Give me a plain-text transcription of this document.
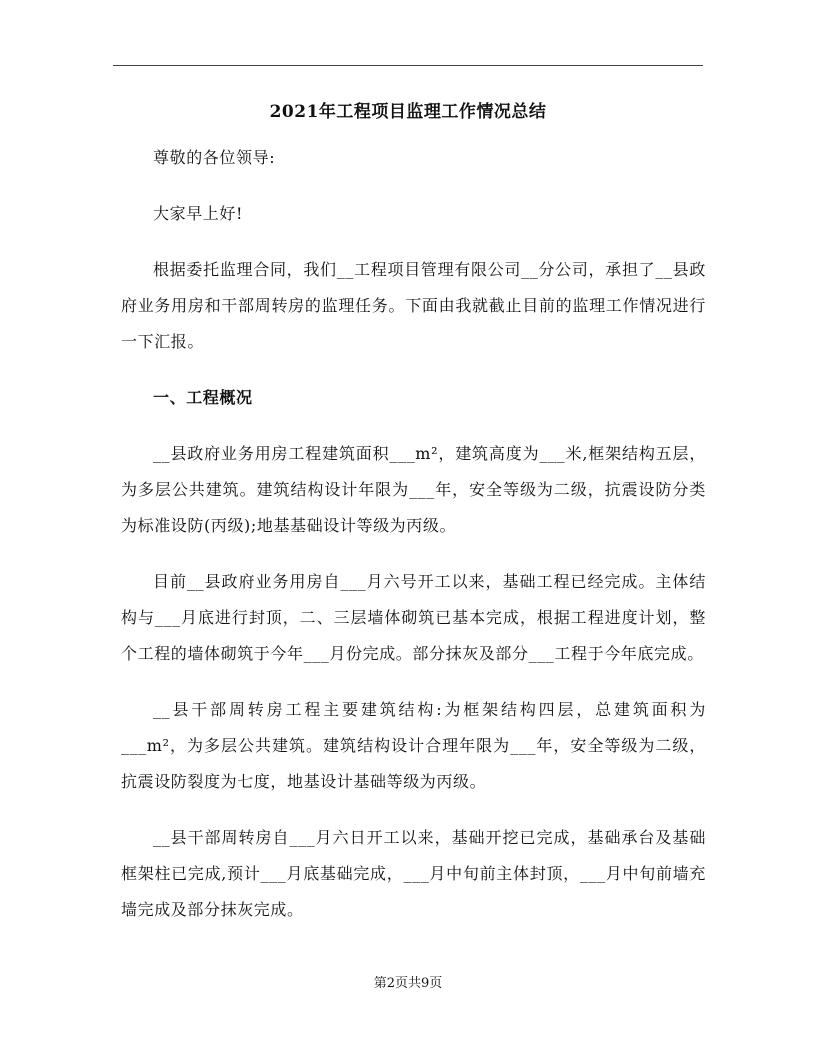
2021年工程项目监理工作情况总结

尊敬的各位领导:

大家早上好!

根据委托监理合同，我们__工程项目管理有限公司__分公司，承担了__县政府业务用房和干部周转房的监理任务。下面由我就截止目前的监理工作情况进行一下汇报。

一、工程概况

__县政府业务用房工程建筑面积___m²，建筑高度为___米,框架结构五层，为多层公共建筑。建筑结构设计年限为___年，安全等级为二级，抗震设防分类为标准设防(丙级);地基基础设计等级为丙级。

目前__县政府业务用房自___月六号开工以来，基础工程已经完成。主体结构与___月底进行封顶，二、三层墙体砌筑已基本完成，根据工程进度计划，整个工程的墙体砌筑于今年___月份完成。部分抹灰及部分___工程于今年底完成。

__县干部周转房工程主要建筑结构:为框架结构四层，总建筑面积为___m²，为多层公共建筑。建筑结构设计合理年限为___年，安全等级为二级，抗震设防裂度为七度，地基设计基础等级为丙级。

__县干部周转房自___月六日开工以来，基础开挖已完成，基础承台及基础框架柱已完成,预计___月底基础完成，___月中旬前主体封顶，___月中旬前墙充墙完成及部分抹灰完成。

第2页共9页
